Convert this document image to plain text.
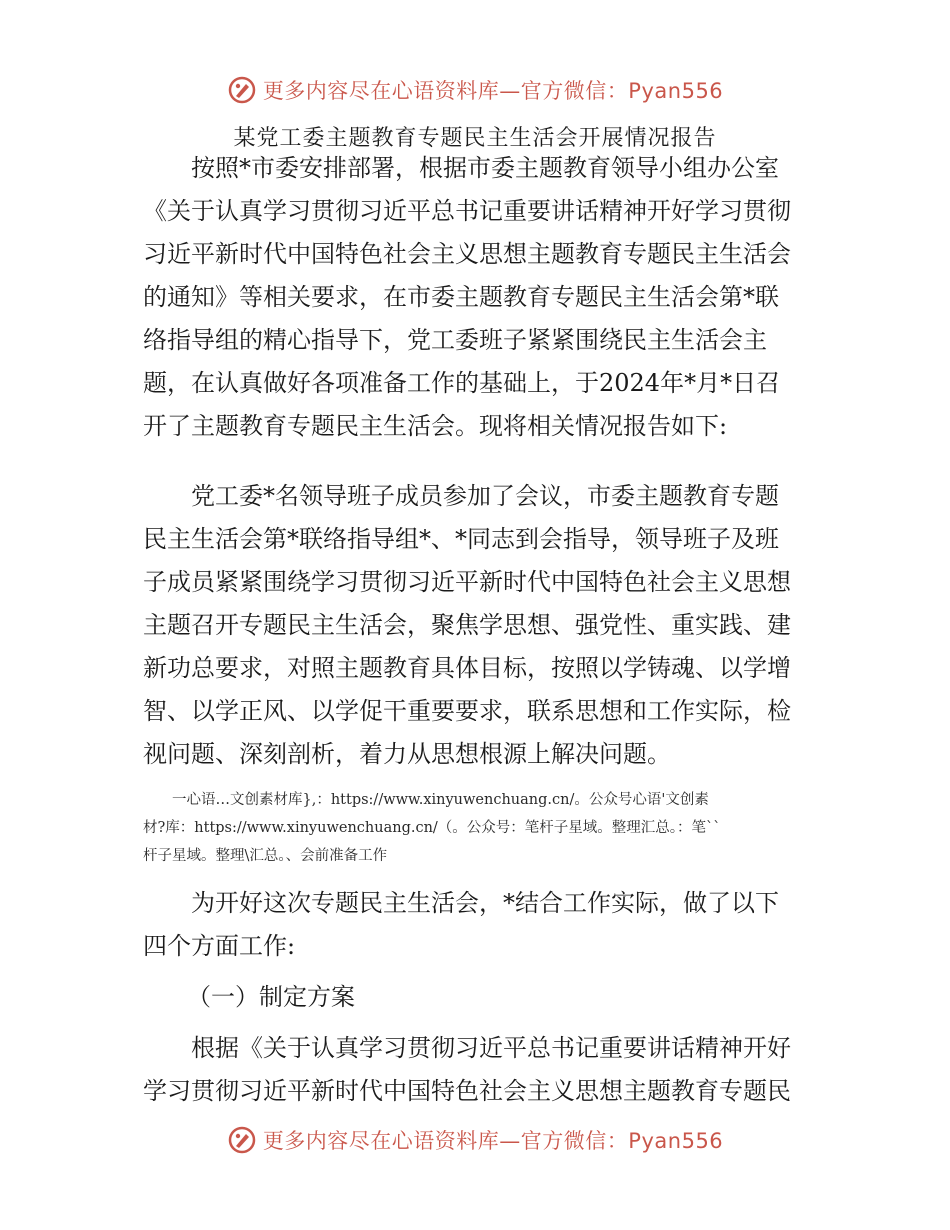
更多内容尽在心语资料库—官方微信：Pyan556
某党工委主题教育专题民主生活会开展情况报告
　　按照*市委安排部署，根据市委主题教育领导小组办公室
《关于认真学习贯彻习近平总书记重要讲话精神开好学习贯彻
习近平新时代中国特色社会主义思想主题教育专题民主生活会
的通知》等相关要求，在市委主题教育专题民主生活会第*联
络指导组的精心指导下，党工委班子紧紧围绕民主生活会主
题，在认真做好各项准备工作的基础上，于2024年*月*日召
开了主题教育专题民主生活会。现将相关情况报告如下:
　　党工委*名领导班子成员参加了会议，市委主题教育专题
民主生活会第*联络指导组*、*同志到会指导，领导班子及班
子成员紧紧围绕学习贯彻习近平新时代中国特色社会主义思想
主题召开专题民主生活会，聚焦学思想、强党性、重实践、建
新功总要求，对照主题教育具体目标，按照以学铸魂、以学增
智、以学正风、以学促干重要要求，联系思想和工作实际，检
视问题、深刻剖析，着力从思想根源上解决问题。
　　一心语…文创素材库},：https://www.xinyuwenchuang.cn/。公众号心语'文创素
材?库：https://www.xinyuwenchuang.cn/（。公众号：笔杆子星域。整理汇总。：笔``
杆子星域。整理\汇总。、会前准备工作
　　为开好这次专题民主生活会，*结合工作实际，做了以下
四个方面工作:
（一）制定方案
　　根据《关于认真学习贯彻习近平总书记重要讲话精神开好
学习贯彻习近平新时代中国特色社会主义思想主题教育专题民
更多内容尽在心语资料库—官方微信：Pyan556
